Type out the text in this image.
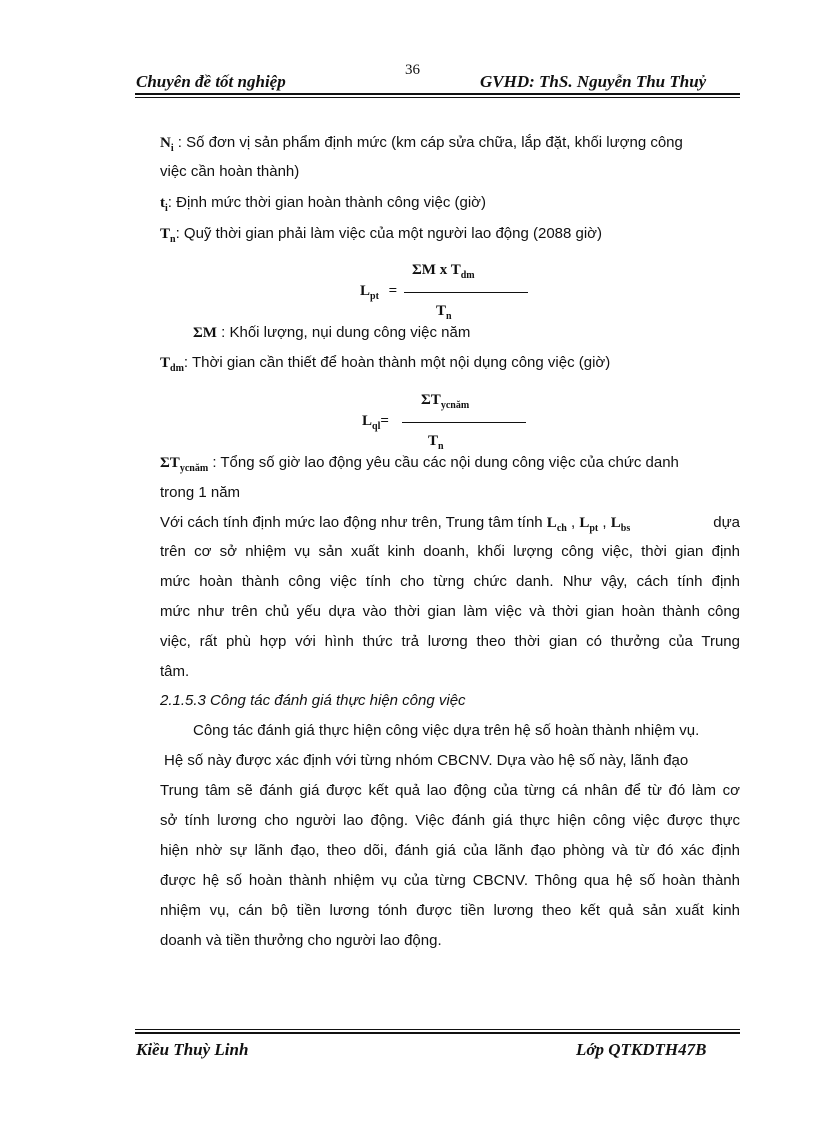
36
Chuyên đề tốt nghiệp	GVHD: ThS. Nguyễn Thu Thuỷ
$N_i$ : Số đơn vị sản phẩm định mức (km cáp sửa chữa, lắp đặt, khối lượng công
việc cần hoàn thành)
$t_i$: Định mức thời gian hoàn thành công việc (giờ)
$T_n$: Quỹ thời gian phải làm việc của một người lao động (2088 giờ)
ΣM x $T_{dm}$
$L_{pt}$ =
$T_n$
ΣM : Khối lượng, nụi dung công việc năm
$T_{dm}$: Thời gian cần thiết để hoàn thành một nội dụng công việc (giờ)
$\Sigma T_{ycnăm}$
$L_{ql}=$
$T_n$
$\Sigma T_{ycnăm}$ : Tổng số giờ lao động yêu cầu các nội dung công việc của chức danh
trong 1 năm
Với cách tính định mức lao động như trên, Trung tâm tính $L_{ch}$ , $L_{pt}$ , $L_{bs}$	dựa
trên cơ sở nhiệm vụ sản xuất kinh doanh, khối lượng công việc, thời gian định
mức hoàn thành công việc tính cho từng chức danh. Như vậy, cách tính định
mức như trên chủ yếu dựa vào thời gian làm việc và thời gian hoàn thành công
việc, rất phù hợp với hình thức trả lương theo thời gian có thưởng của Trung
tâm.
2.1.5.3 Công tác đánh giá thực hiện công việc
Công tác đánh giá thực hiện công việc dựa trên hệ số hoàn thành nhiệm vụ.
Hệ số này được xác định với từng nhóm CBCNV. Dựa vào hệ số này, lãnh đạo
Trung tâm sẽ đánh giá được kết quả lao động của từng cá nhân để từ đó làm cơ
sở tính lương cho người lao động. Việc đánh giá thực hiện công việc được thực
hiện nhờ sự lãnh đạo, theo dõi, đánh giá của lãnh đạo phòng và từ đó xác định
được hệ số hoàn thành nhiệm vụ của từng CBCNV. Thông qua hệ số hoàn thành
nhiệm vụ, cán bộ tiền lương tónh được tiền lương theo kết quả sản xuất kinh
doanh và tiền thưởng cho người lao động.
Kiều Thuỳ Linh	Lớp QTKDTH47B
